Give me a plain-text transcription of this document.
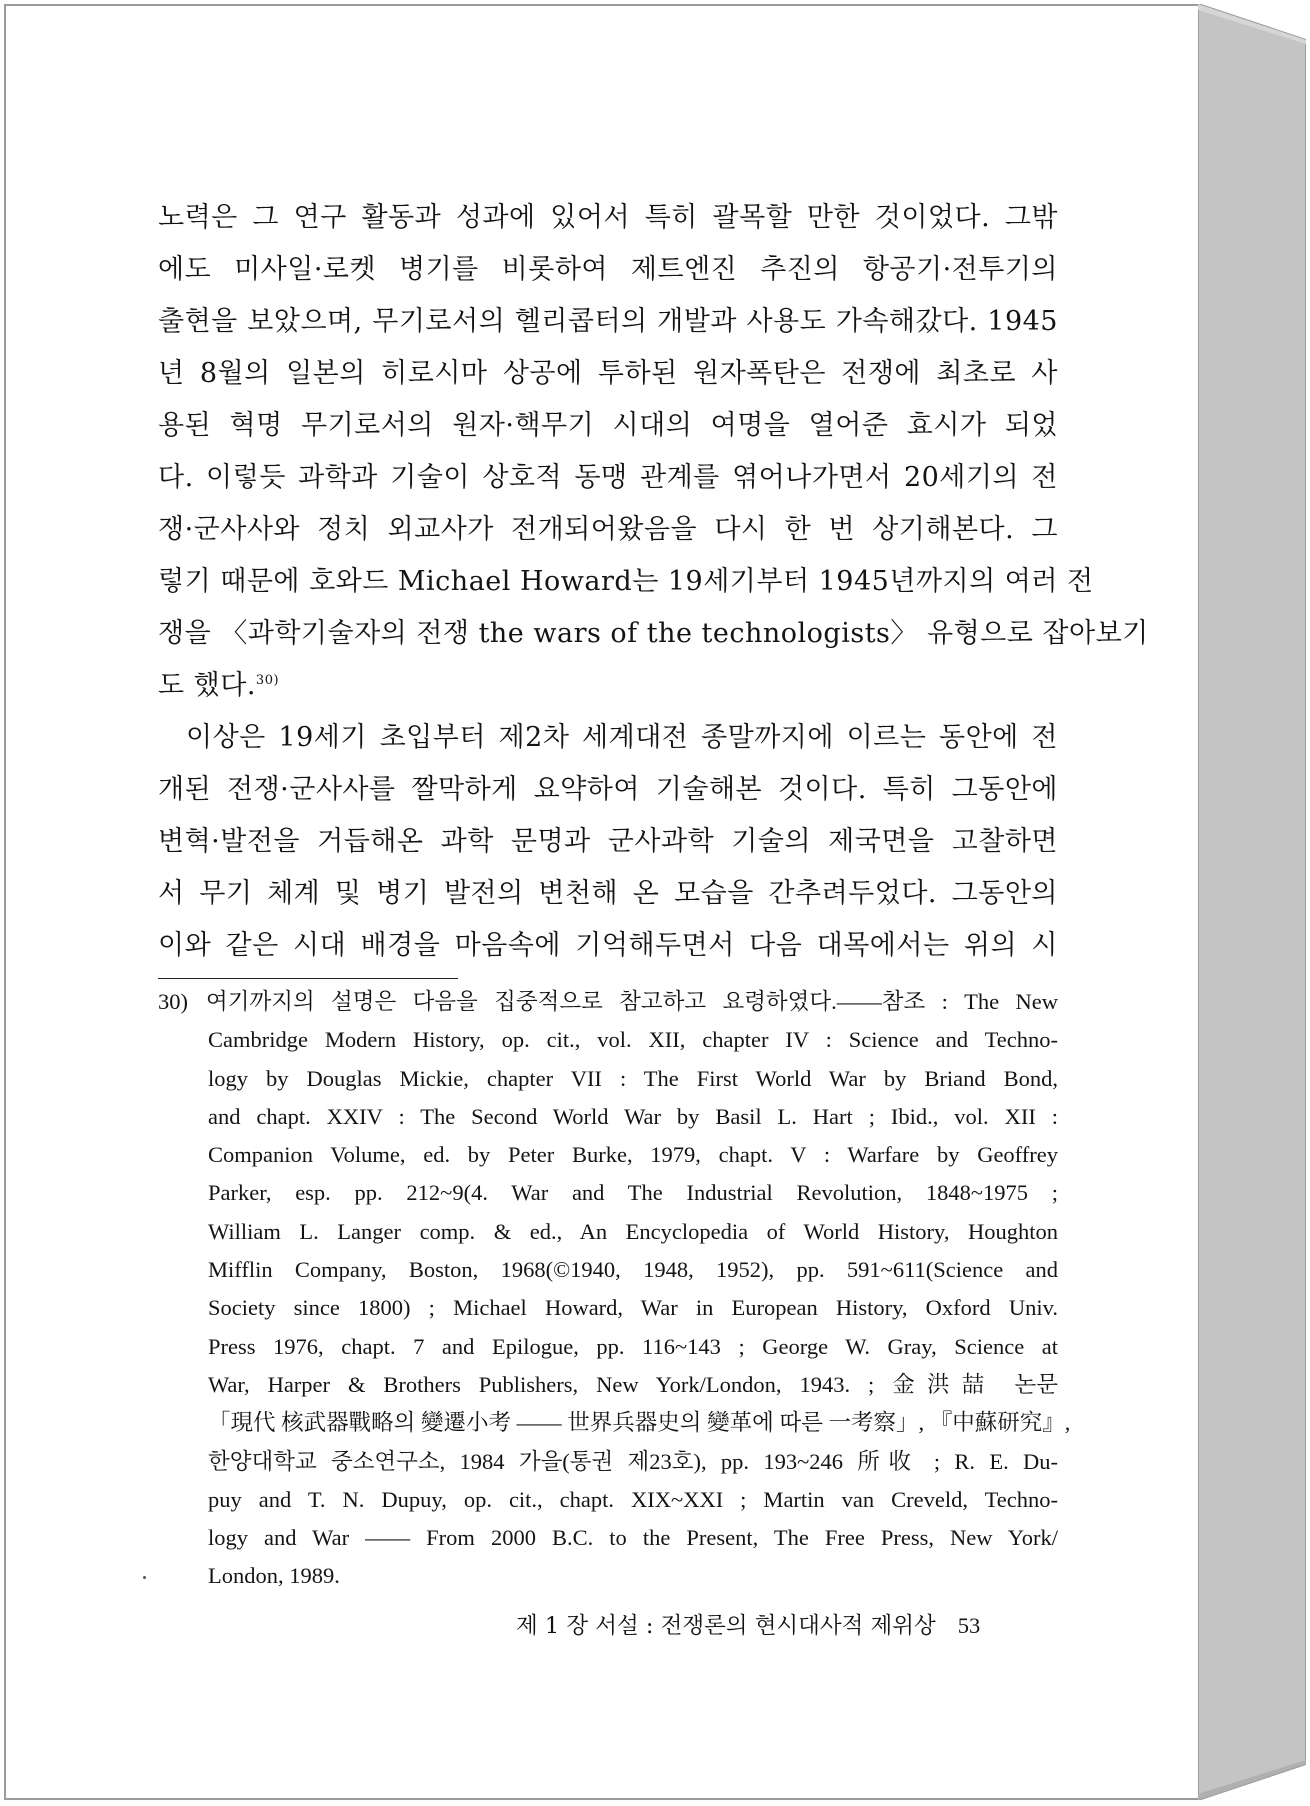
노력은 그 연구 활동과 성과에 있어서 특히 괄목할 만한 것이었다. 그밖
에도 미사일·로켓 병기를 비롯하여 제트엔진 추진의 항공기·전투기의
출현을 보았으며, 무기로서의 헬리콥터의 개발과 사용도 가속해갔다. 1945
년 8월의 일본의 히로시마 상공에 투하된 원자폭탄은 전쟁에 최초로 사
용된 혁명 무기로서의 원자·핵무기 시대의 여명을 열어준 효시가 되었
다. 이렇듯 과학과 기술이 상호적 동맹 관계를 엮어나가면서 20세기의 전
쟁·군사사와 정치 외교사가 전개되어왔음을 다시 한 번 상기해본다. 그
렇기 때문에 호와드 Michael Howard는 19세기부터 1945년까지의 여러 전
쟁을 〈과학기술자의 전쟁 the wars of the technologists〉 유형으로 잡아보기
도 했다.$^{30)}$
이상은 19세기 초입부터 제2차 세계대전 종말까지에 이르는 동안에 전
개된 전쟁·군사사를 짤막하게 요약하여 기술해본 것이다. 특히 그동안에
변혁·발전을 거듭해온 과학 문명과 군사과학 기술의 제국면을 고찰하면
서 무기 체계 및 병기 발전의 변천해 온 모습을 간추려두었다. 그동안의
이와 같은 시대 배경을 마음속에 기억해두면서 다음 대목에서는 위의 시
30) 여기까지의 설명은 다음을 집중적으로 참고하고 요령하였다.——참조 : The New
Cambridge Modern History, op. cit., vol. XII, chapter IV : Science and Techno-
logy by Douglas Mickie, chapter VII : The First World War by Briand Bond,
and chapt. XXIV : The Second World War by Basil L. Hart ; Ibid., vol. XII :
Companion Volume, ed. by Peter Burke, 1979, chapt. V : Warfare by Geoffrey
Parker, esp. pp. 212~9(4. War and The Industrial Revolution, 1848~1975 ;
William L. Langer comp. & ed., An Encyclopedia of World History, Houghton
Mifflin Company, Boston, 1968(©1940, 1948, 1952), pp. 591~611(Science and
Society since 1800) ; Michael Howard, War in European History, Oxford Univ.
Press 1976, chapt. 7 and Epilogue, pp. 116~143 ; George W. Gray, Science at
War, Harper & Brothers Publishers, New York/London, 1943. ; 金洪喆 논문
「現代 核武器戰略의 變遷小考 —— 世界兵器史의 變革에 따른 一考察」, 『中蘇研究』,
한양대학교 중소연구소, 1984 가을(통권 제23호), pp. 193~246 所收 ; R. E. Du-
puy and T. N. Dupuy, op. cit., chapt. XIX~XXI ; Martin van Creveld, Techno-
logy and War —— From 2000 B.C. to the Present, The Free Press, New York/
London, 1989.
제 1 장 서설 : 전쟁론의 현시대사적 제위상 53
